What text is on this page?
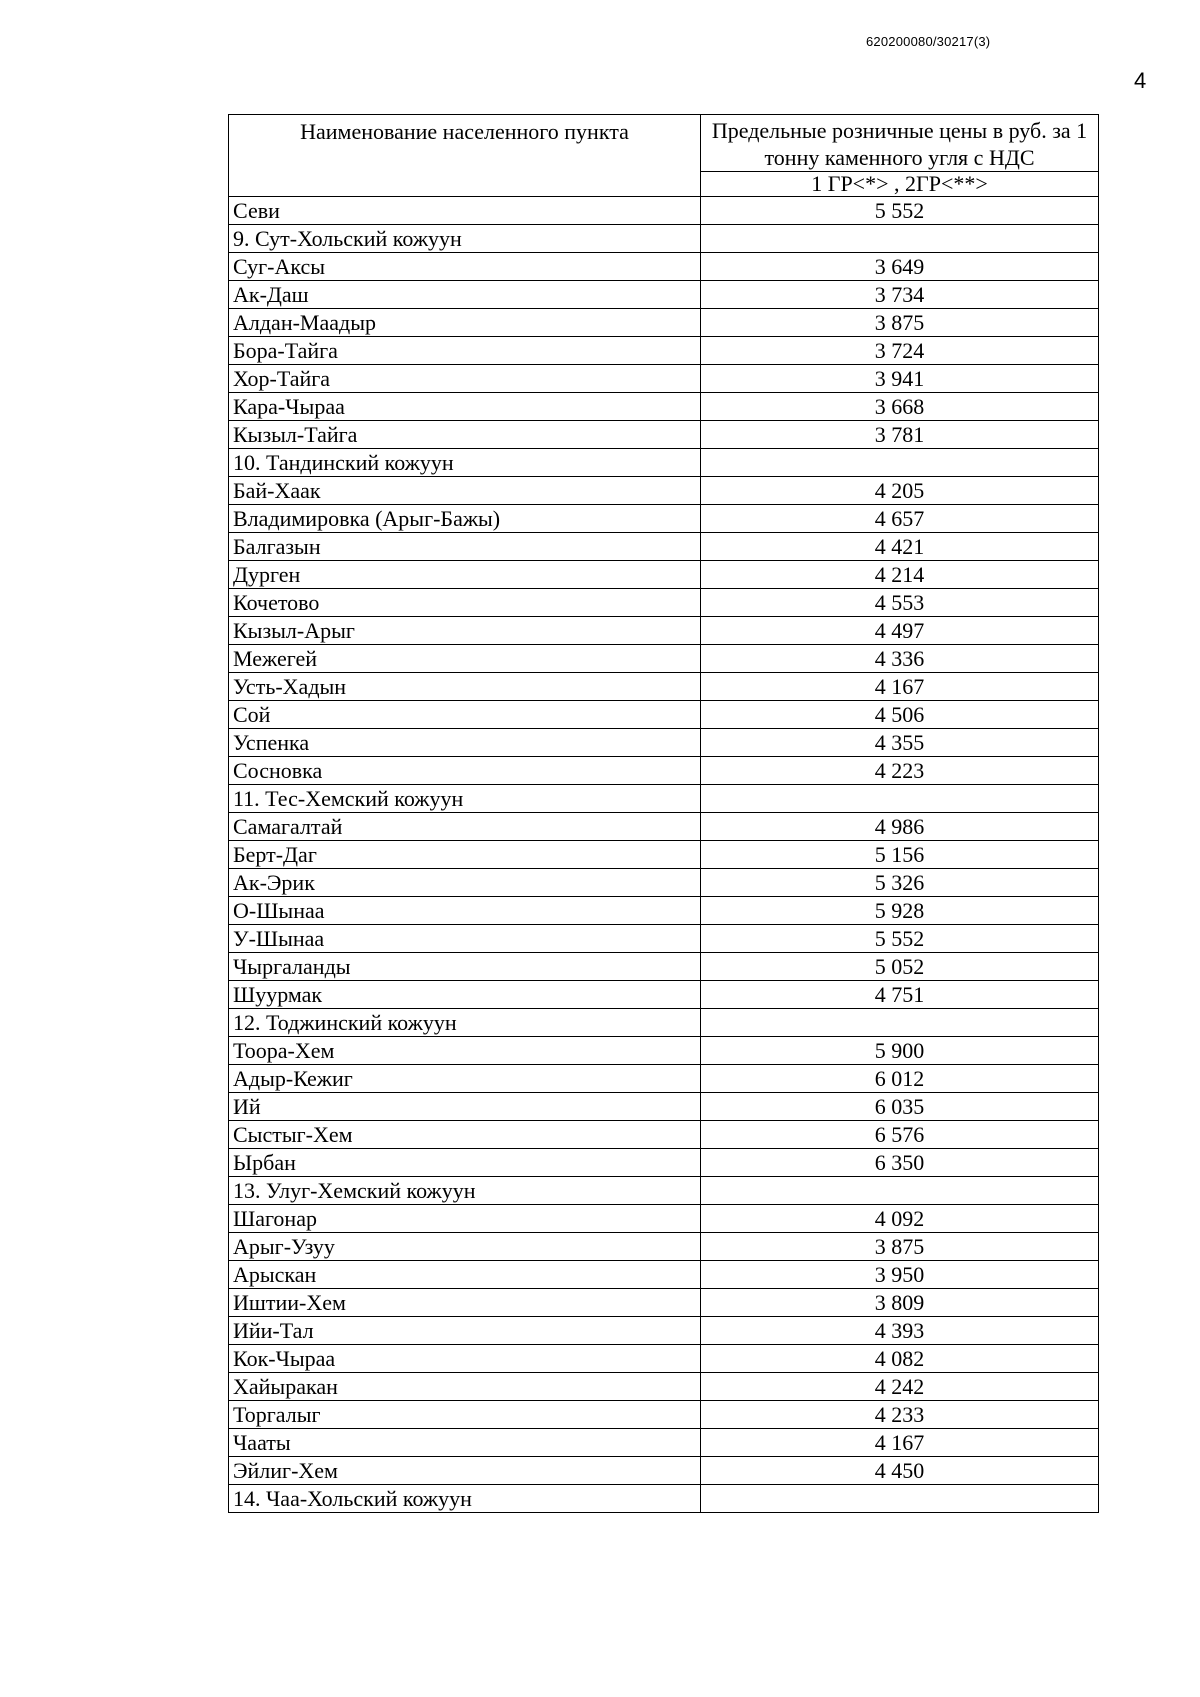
620200080/30217(3)
4
Наименование населенного пункта	Предельные розничные цены в руб. за 1 тонну каменного угля с НДС

	1 ГР<*> , 2ГР<**>
Севи	5 552
9. Сут-Хольский кожуун	
Суг-Аксы	3 649
Ак-Даш	3 734
Алдан-Маадыр	3 875
Бора-Тайга	3 724
Хор-Тайга	3 941
Кара-Чыраа	3 668
Кызыл-Тайга	3 781
10. Тандинский кожуун	
Бай-Хаак	4 205
Владимировка (Арыг-Бажы)	4 657
Балгазын	4 421
Дурген	4 214
Кочетово	4 553
Кызыл-Арыг	4 497
Межегей	4 336
Усть-Хадын	4 167
Сой	4 506
Успенка	4 355
Сосновка	4 223
11. Тес-Хемский кожуун	
Самагалтай	4 986
Берт-Даг	5 156
Ак-Эрик	5 326
О-Шынаа	5 928
У-Шынаа	5 552
Чыргаланды	5 052
Шуурмак	4 751
12. Тоджинский кожуун	
Тоора-Хем	5 900
Адыр-Кежиг	6 012
Ий	6 035
Сыстыг-Хем	6 576
Ырбан	6 350
13. Улуг-Хемский кожуун	
Шагонар	4 092
Арыг-Узуу	3 875
Арыскан	3 950
Иштии-Хем	3 809
Ийи-Тал	4 393
Кок-Чыраа	4 082
Хайыракан	4 242
Торгалыг	4 233
Чааты	4 167
Эйлиг-Хем	4 450
14. Чаа-Хольский кожуун	
